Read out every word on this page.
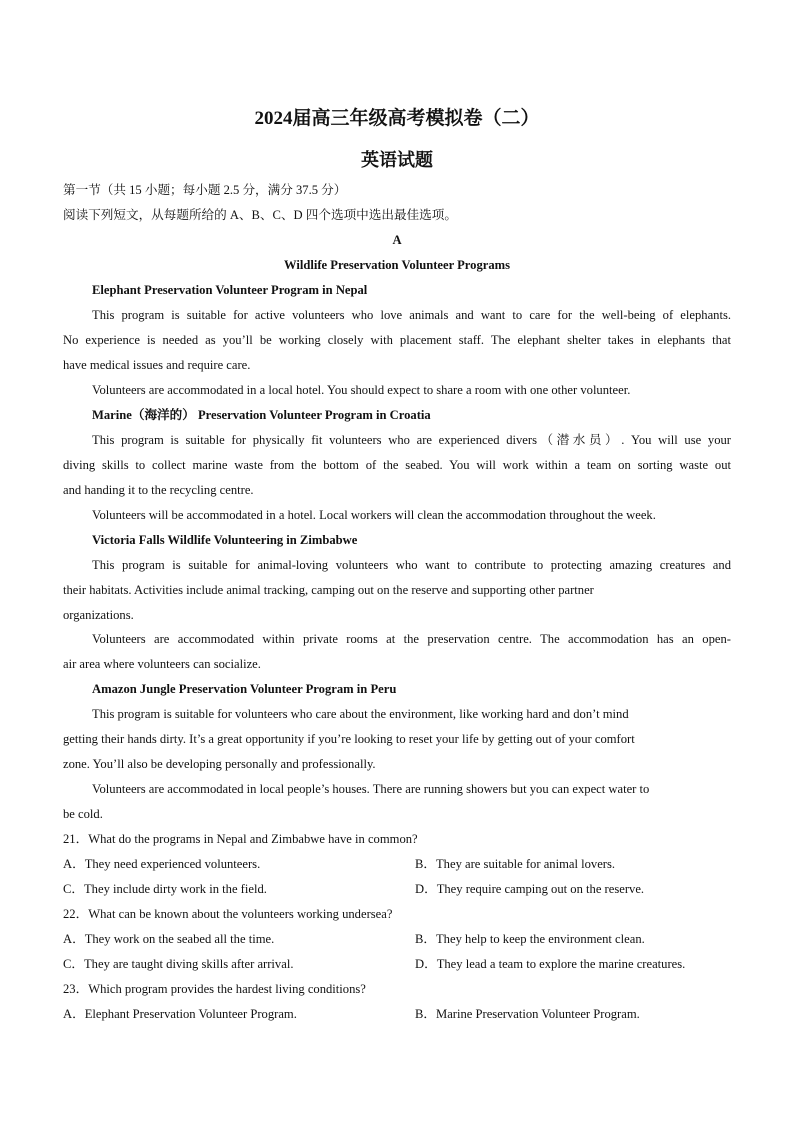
2024届高三年级高考模拟卷（二）
英语试题
第一节（共 15 小题；每小题 2.5 分，满分 37.5 分）
阅读下列短文，从每题所给的 A、B、C、D 四个选项中选出最佳选项。
A
Wildlife Preservation Volunteer Programs
Elephant Preservation Volunteer Program in Nepal
This program is suitable for active volunteers who love animals and want to care for the well-being of elephants.
No experience is needed as you’ll be working closely with placement staff. The elephant shelter takes in elephants that
have medical issues and require care.
Volunteers are accommodated in a local hotel. You should expect to share a room with one other volunteer.
Marine（海洋的） Preservation Volunteer Program in Croatia
This program is suitable for physically fit volunteers who are experienced divers（潜水员）. You will use your
diving skills to collect marine waste from the bottom of the seabed. You will work within a team on sorting waste out
and handing it to the recycling centre.
Volunteers will be accommodated in a hotel. Local workers will clean the accommodation throughout the week.
Victoria Falls Wildlife Volunteering in Zimbabwe
This program is suitable for animal-loving volunteers who want to contribute to protecting amazing creatures and
their habitats. Activities include animal tracking, camping out on the reserve and supporting other partner
organizations.
Volunteers are accommodated within private rooms at the preservation centre. The accommodation has an open-
air area where volunteers can socialize.
Amazon Jungle Preservation Volunteer Program in Peru
This program is suitable for volunteers who care about the environment, like working hard and don’t mind
getting their hands dirty. It’s a great opportunity if you’re looking to reset your life by getting out of your comfort
zone. You’ll also be developing personally and professionally.
Volunteers are accommodated in local people’s houses. There are running showers but you can expect water to
be cold.
21．What do the programs in Nepal and Zimbabwe have in common?
A．They need experienced volunteers.	B．They are suitable for animal lovers.
C．They include dirty work in the field.	D．They require camping out on the reserve.
22．What can be known about the volunteers working undersea?
A．They work on the seabed all the time.	B．They help to keep the environment clean.
C．They are taught diving skills after arrival.	D．They lead a team to explore the marine creatures.
23．Which program provides the hardest living conditions?
A．Elephant Preservation Volunteer Program.	B．Marine Preservation Volunteer Program.
